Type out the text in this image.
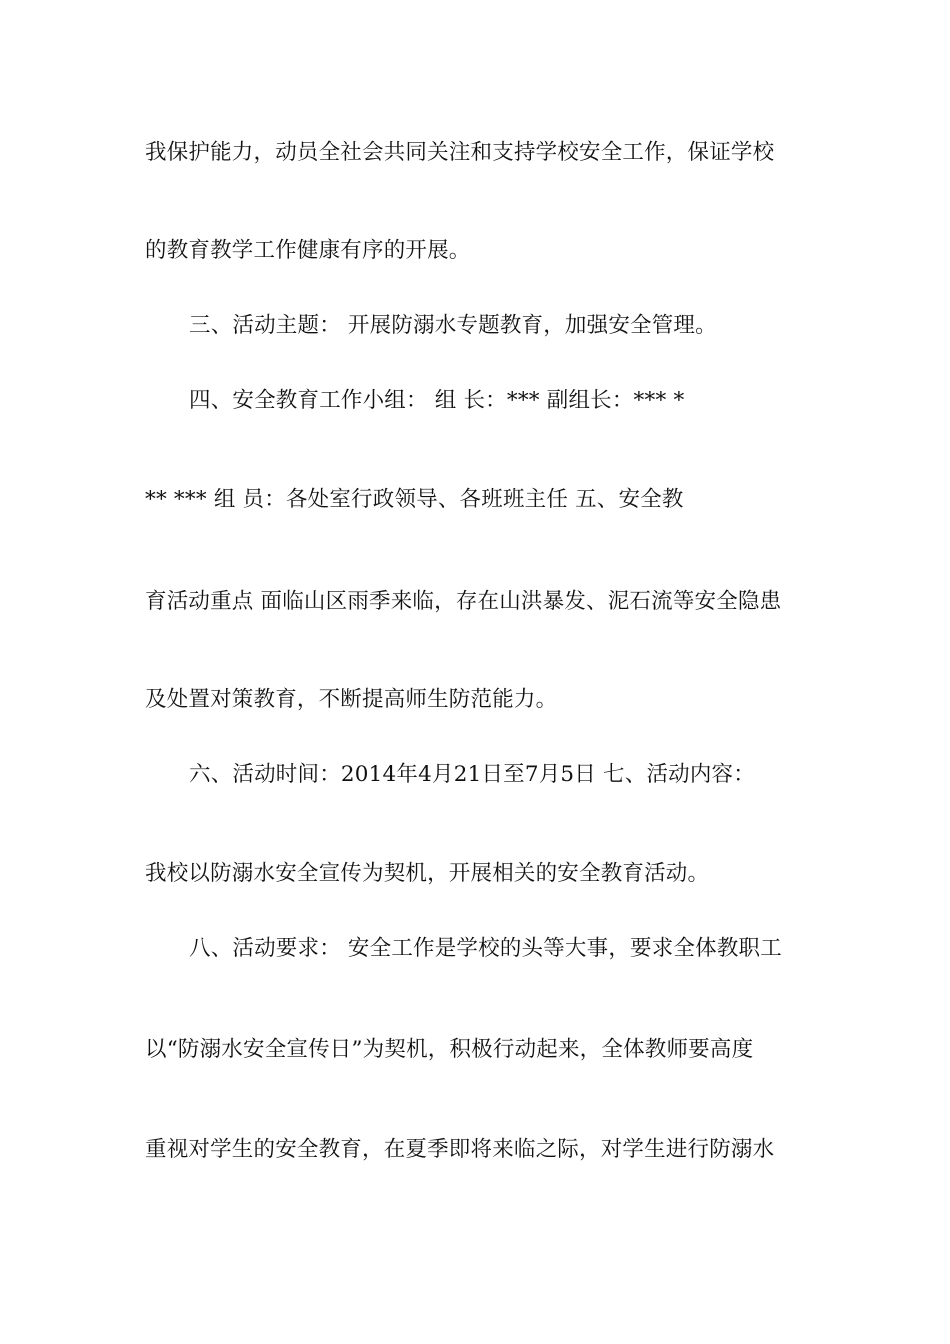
我保护能力，动员全社会共同关注和支持学校安全工作，保证学校
的教育教学工作健康有序的开展。
三、活动主题： 开展防溺水专题教育，加强安全管理。
四、安全教育工作小组： 组 长：*** 副组长：*** *
** *** 组 员：各处室行政领导、各班班主任 五、安全教
育活动重点 面临山区雨季来临，存在山洪暴发、泥石流等安全隐患
及处置对策教育，不断提高师生防范能力。
六、活动时间：2014年4月21日至7月5日 七、活动内容：
我校以防溺水安全宣传为契机，开展相关的安全教育活动。
八、活动要求： 安全工作是学校的头等大事，要求全体教职工
以“防溺水安全宣传日”为契机，积极行动起来，全体教师要高度
重视对学生的安全教育，在夏季即将来临之际，对学生进行防溺水
